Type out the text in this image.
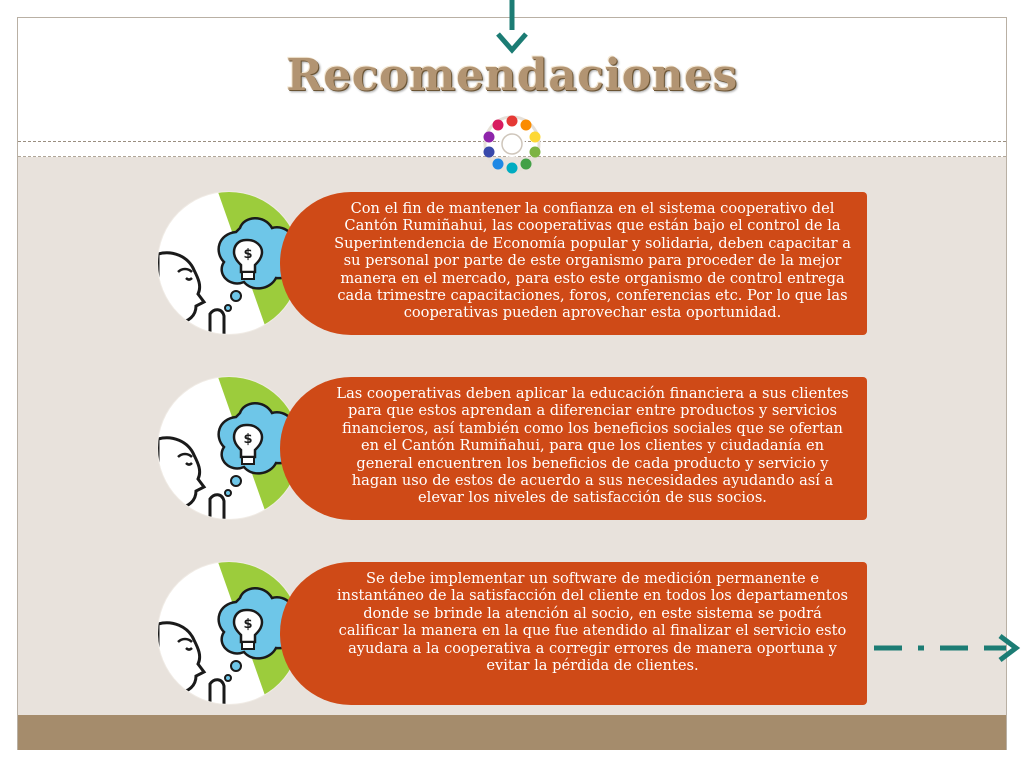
Recomendaciones
$

Con el fin de mantener la confianza en el sistema cooperativo del Cantón Rumiñahui, las cooperativas que están bajo el control de la Superintendencia de Economía popular y solidaria, deben capacitar a su personal por parte de este organismo para proceder de la mejor manera en el mercado, para esto este organismo de control entrega cada trimestre capacitaciones, foros, conferencias etc. Por lo que las cooperativas pueden aprovechar esta oportunidad.

$

Las cooperativas deben aplicar la educación financiera a sus clientes para que estos aprendan a diferenciar entre productos y servicios financieros, así también como los beneficios sociales que se ofertan en el Cantón Rumiñahui, para que los clientes y ciudadanía en general encuentren los beneficios de cada producto y servicio y hagan uso de estos de acuerdo a sus necesidades ayudando así a elevar los niveles de satisfacción de sus socios.

$

Se debe implementar un software de medición permanente e instantáneo de la satisfacción del cliente en todos los departamentos donde se brinde la atención al socio, en este sistema se podrá calificar la manera en la que fue atendido al finalizar el servicio esto ayudara a la cooperativa a corregir errores de manera oportuna y evitar la pérdida de clientes.
